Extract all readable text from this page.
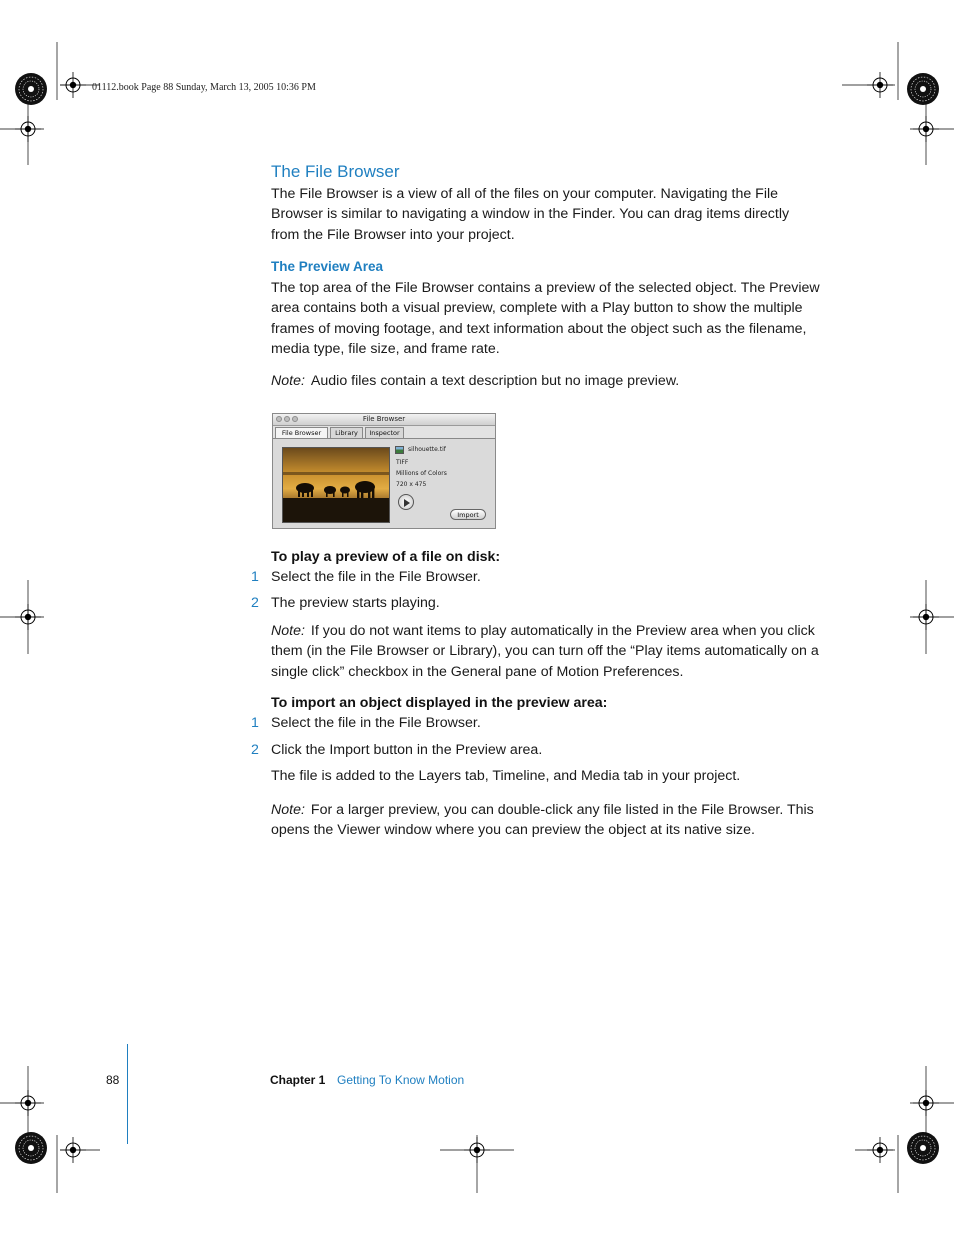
01112.book Page 88 Sunday, March 13, 2005 10:36 PM
The File Browser
The File Browser is a view of all of the files on your computer. Navigating the File
Browser is similar to navigating a window in the Finder. You can drag items directly
from the File Browser into your project.
The Preview Area
The top area of the File Browser contains a preview of the selected object. The Preview
area contains both a visual preview, complete with a Play button to show the multiple
frames of moving footage, and text information about the object such as the filename,
media type, file size, and frame rate.
Note: Audio files contain a text description but no image preview.
File Browser
File Browser	Library	Inspector
silhouette.tif
TIFF
Millions of Colors
720 x 475
Import
To play a preview of a file on disk:
1 Select the file in the File Browser.
2 The preview starts playing.
Note: If you do not want items to play automatically in the Preview area when you click
them (in the File Browser or Library), you can turn off the “Play items automatically on a
single click” checkbox in the General pane of Motion Preferences.
To import an object displayed in the preview area:
1 Select the file in the File Browser.
2 Click the Import button in the Preview area.
The file is added to the Layers tab, Timeline, and Media tab in your project.
Note: For a larger preview, you can double-click any file listed in the File Browser. This
opens the Viewer window where you can preview the object at its native size.
88	Chapter 1 Getting To Know Motion
